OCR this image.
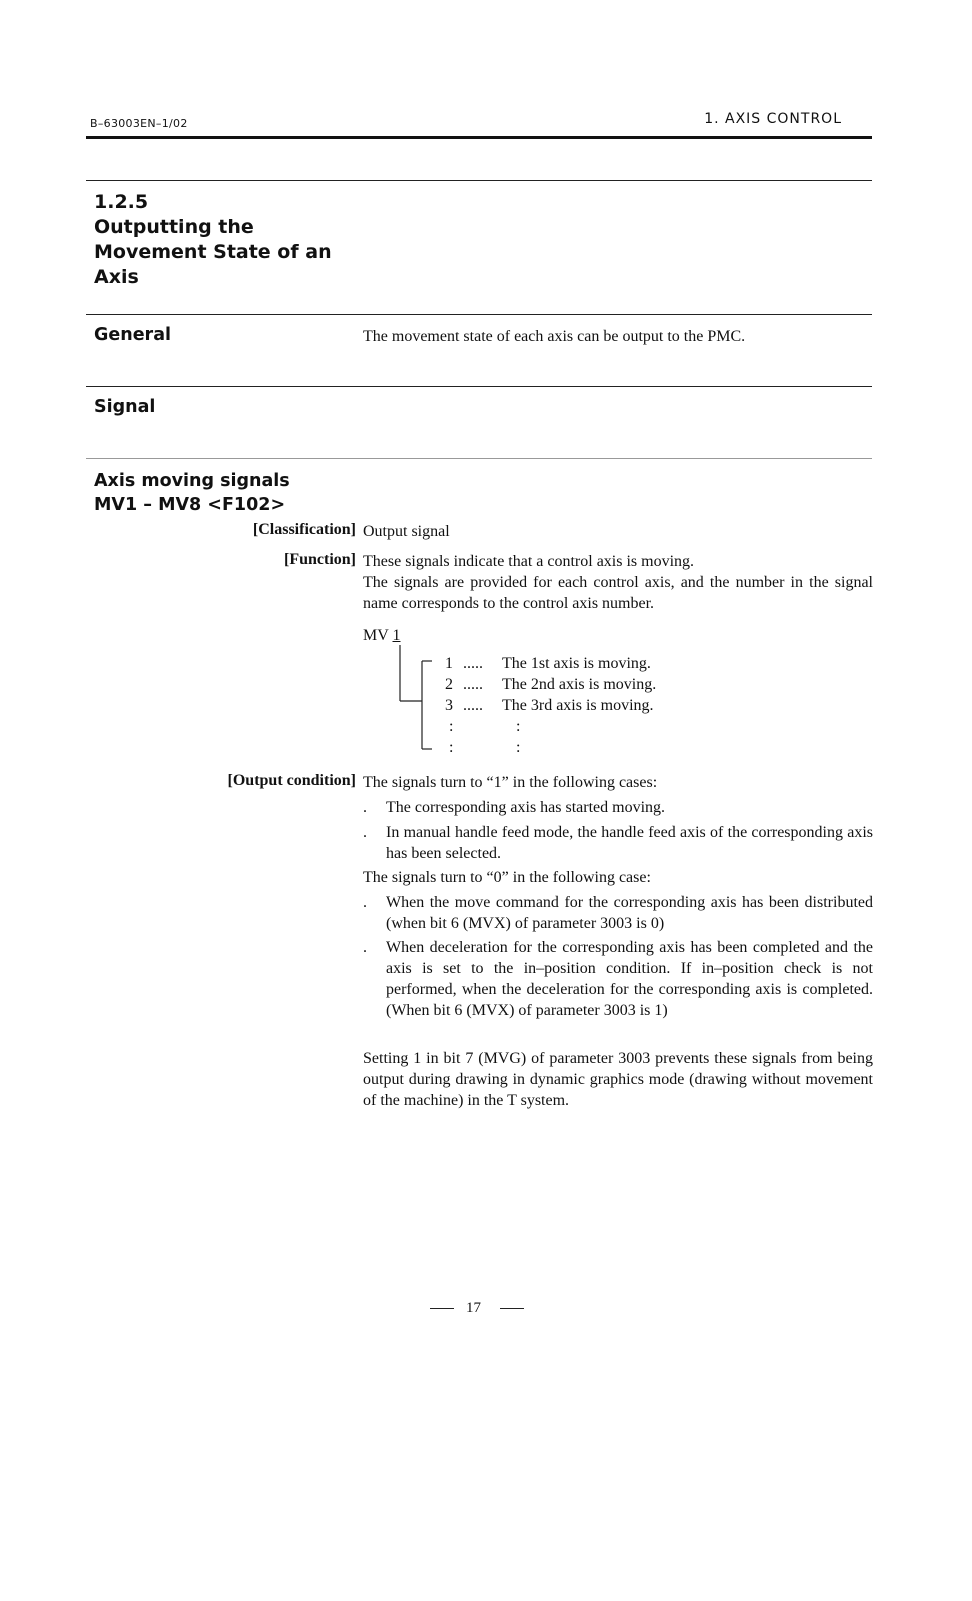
B–63003EN–1/02	1. AXIS CONTROL
1.2.5
Outputting the
Movement State of an
Axis
General	The movement state of each axis can be output to the PMC.
Signal
Axis moving signals
MV1 – MV8 <F102>
[Classification] Output signal
[Function] These signals indicate that a control axis is moving.
The signals are provided for each control axis, and the number in the signal name corresponds to the control axis number.
MV 1
1 ..... The 1st axis is moving.
2 ..... The 2nd axis is moving.
3 ..... The 3rd axis is moving.
:	:
:	:
[Output condition] The signals turn to “1” in the following cases:
. The corresponding axis has started moving.
. In manual handle feed mode, the handle feed axis of the corresponding axis has been selected.
The signals turn to “0” in the following case:
. When the move command for the corresponding axis has been distributed (when bit 6 (MVX) of parameter 3003 is 0)
. When deceleration for the corresponding axis has been completed and the axis is set to the in–position condition. If in–position check is not performed, when the deceleration for the corresponding axis is completed. (When bit 6 (MVX) of parameter 3003 is 1)
Setting 1 in bit 7 (MVG) of parameter 3003 prevents these signals from being output during drawing in dynamic graphics mode (drawing without movement of the machine) in the T system.
17
